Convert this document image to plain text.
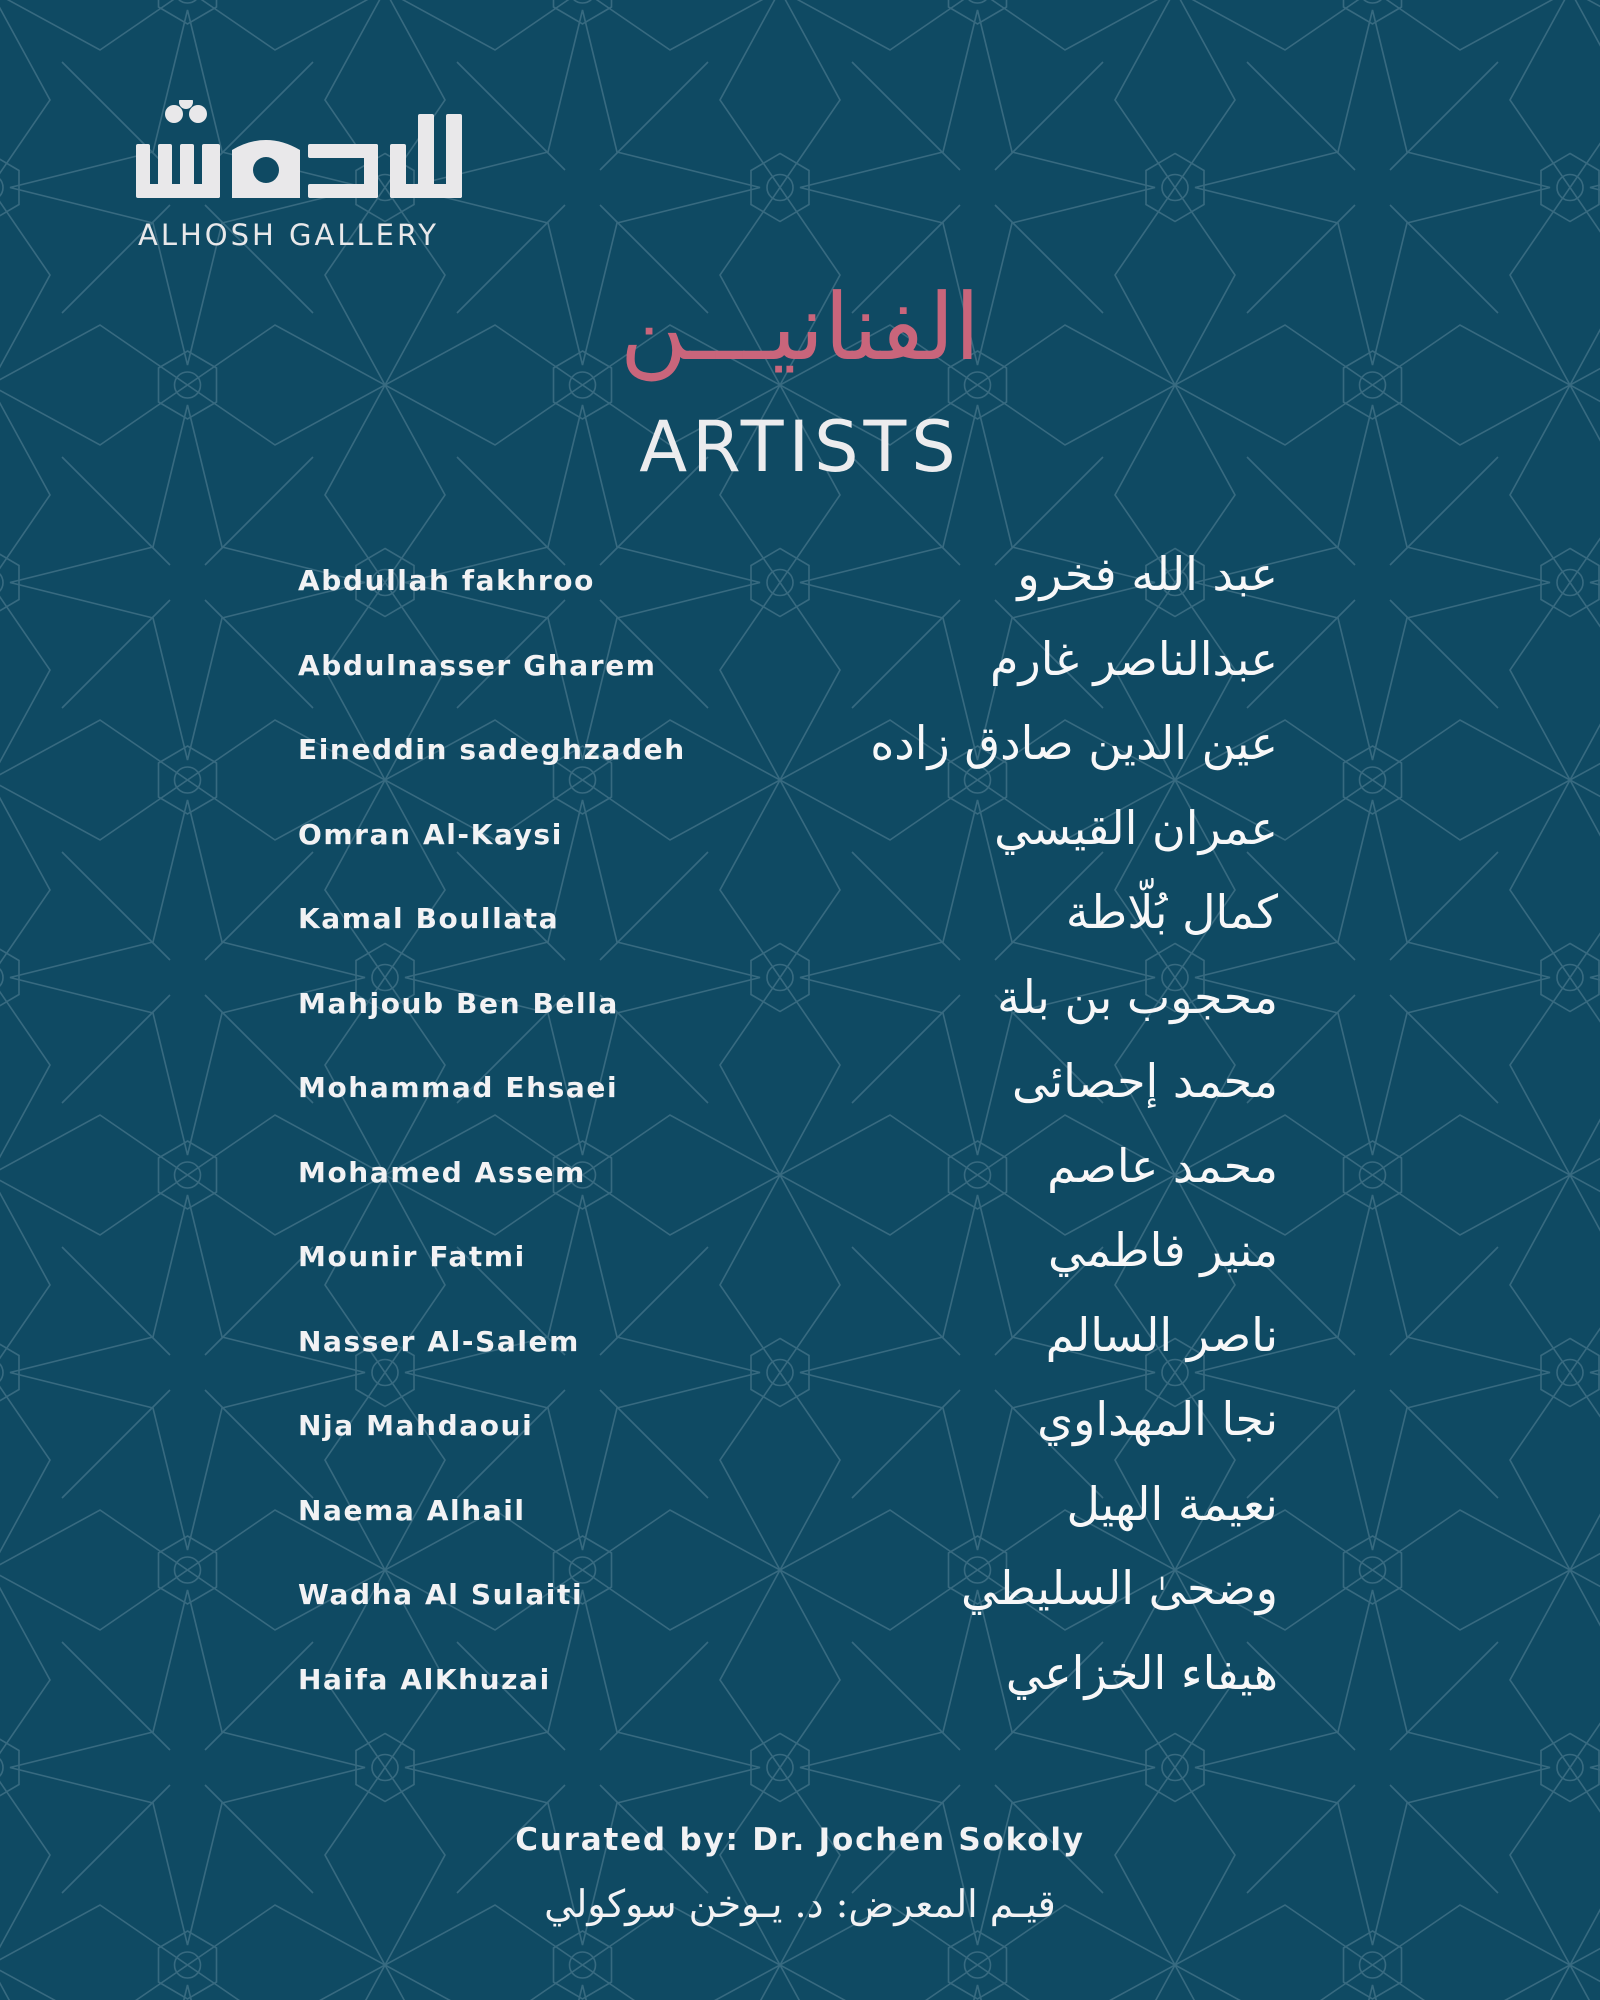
ALHOSH GALLERY
الفنانيـــن
ARTISTS
Abdullah fakhroo	عبد الله فخرو
Abdulnasser Gharem	عبدالناصر غارم
Eineddin sadeghzadeh	عين الدين صادق زاده
Omran Al-Kaysi	عمران القيسي
Kamal Boullata	كمال بُلّاطة
Mahjoub Ben Bella	محجوب بن بلة
Mohammad Ehsaei	محمد إحصائى
Mohamed Assem	محمد عاصم
Mounir Fatmi	منير فاطمي
Nasser Al-Salem	ناصر السالم
Nja Mahdaoui	نجا المهداوي
Naema Alhail	نعيمة الهيل
Wadha Al Sulaiti	وضحىٰ السليطي
Haifa AlKhuzai	هيفاء الخزاعي
Curated by: Dr. Jochen Sokoly
قيـم المعرض: د. يـوخن سوكولي
